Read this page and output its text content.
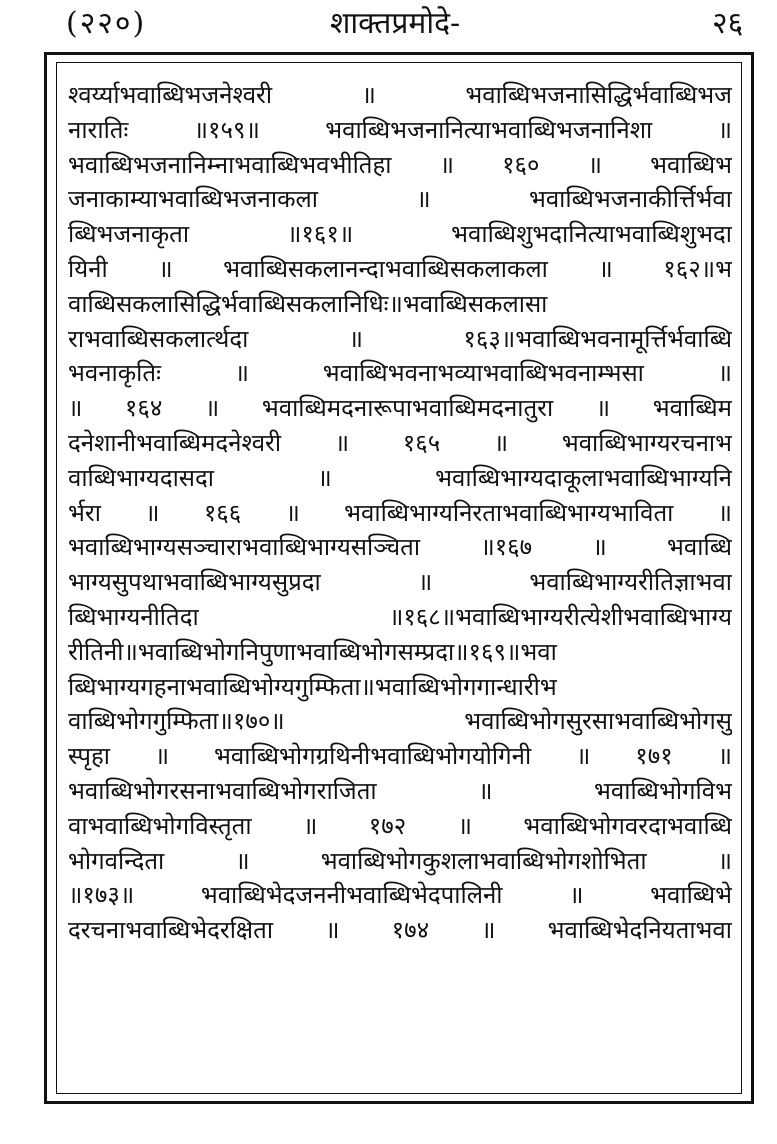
(२२०)	शाक्तप्रमोदे-	२६
श्वर्य्याभवाब्धिभजनेश्वरी ॥ भवाब्धिभजनासिद्धिर्भवाब्धिभज
नारातिः ॥१५९॥ भवाब्धिभजनानित्याभवाब्धिभजनानिशा ॥
भवाब्धिभजनानिम्नाभवाब्धिभवभीतिहा ॥ १६० ॥ भवाब्धिभ
जनाकाम्याभवाब्धिभजनाकला ॥ भवाब्धिभजनाकीर्त्तिर्भवा
ब्धिभजनाकृता ॥१६१॥ भवाब्धिशुभदानित्याभवाब्धिशुभदा
यिनी ॥ भवाब्धिसकलानन्दाभवाब्धिसकलाकला ॥ १६२॥भ
वाब्धिसकलासिद्धिर्भवाब्धिसकलानिधिः॥भवाब्धिसकलासा
राभवाब्धिसकलार्त्थदा ॥ १६३॥भवाब्धिभवनामूर्त्तिर्भवाब्धि
भवनाकृतिः ॥ भवाब्धिभवनाभव्याभवाब्धिभवनाम्भसा ॥
॥ १६४ ॥ भवाब्धिमदनारूपाभवाब्धिमदनातुरा ॥ भवाब्धिम
दनेशानीभवाब्धिमदनेश्वरी ॥ १६५ ॥ भवाब्धिभाग्यरचनाभ
वाब्धिभाग्यदासदा ॥ भवाब्धिभाग्यदाकूलाभवाब्धिभाग्यनि
र्भरा ॥ १६६ ॥ भवाब्धिभाग्यनिरताभवाब्धिभाग्यभाविता ॥
भवाब्धिभाग्यसञ्चाराभवाब्धिभाग्यसञ्चिता ॥१६७ ॥ भवाब्धि
भाग्यसुपथाभवाब्धिभाग्यसुप्रदा ॥ भवाब्धिभाग्यरीतिज्ञाभवा
ब्धिभाग्यनीतिदा ॥१६८॥भवाब्धिभाग्यरीत्येशीभवाब्धिभाग्य
रीतिनी॥भवाब्धिभोगनिपुणाभवाब्धिभोगसम्प्रदा॥१६९॥भवा
ब्धिभाग्यगहनाभवाब्धिभोग्यगुम्फिता॥भवाब्धिभोगगान्धारीभ
वाब्धिभोगगुम्फिता॥१७०॥ भवाब्धिभोगसुरसाभवाब्धिभोगसु
स्पृहा ॥ भवाब्धिभोगग्रथिनीभवाब्धिभोगयोगिनी ॥ १७१ ॥
भवाब्धिभोगरसनाभवाब्धिभोगराजिता ॥ भवाब्धिभोगविभ
वाभवाब्धिभोगविस्तृता ॥ १७२ ॥ भवाब्धिभोगवरदाभवाब्धि
भोगवन्दिता ॥ भवाब्धिभोगकुशलाभवाब्धिभोगशोभिता ॥
॥१७३॥ भवाब्धिभेदजननीभवाब्धिभेदपालिनी ॥ भवाब्धिभे
दरचनाभवाब्धिभेदरक्षिता ॥ १७४ ॥ भवाब्धिभेदनियताभवा
